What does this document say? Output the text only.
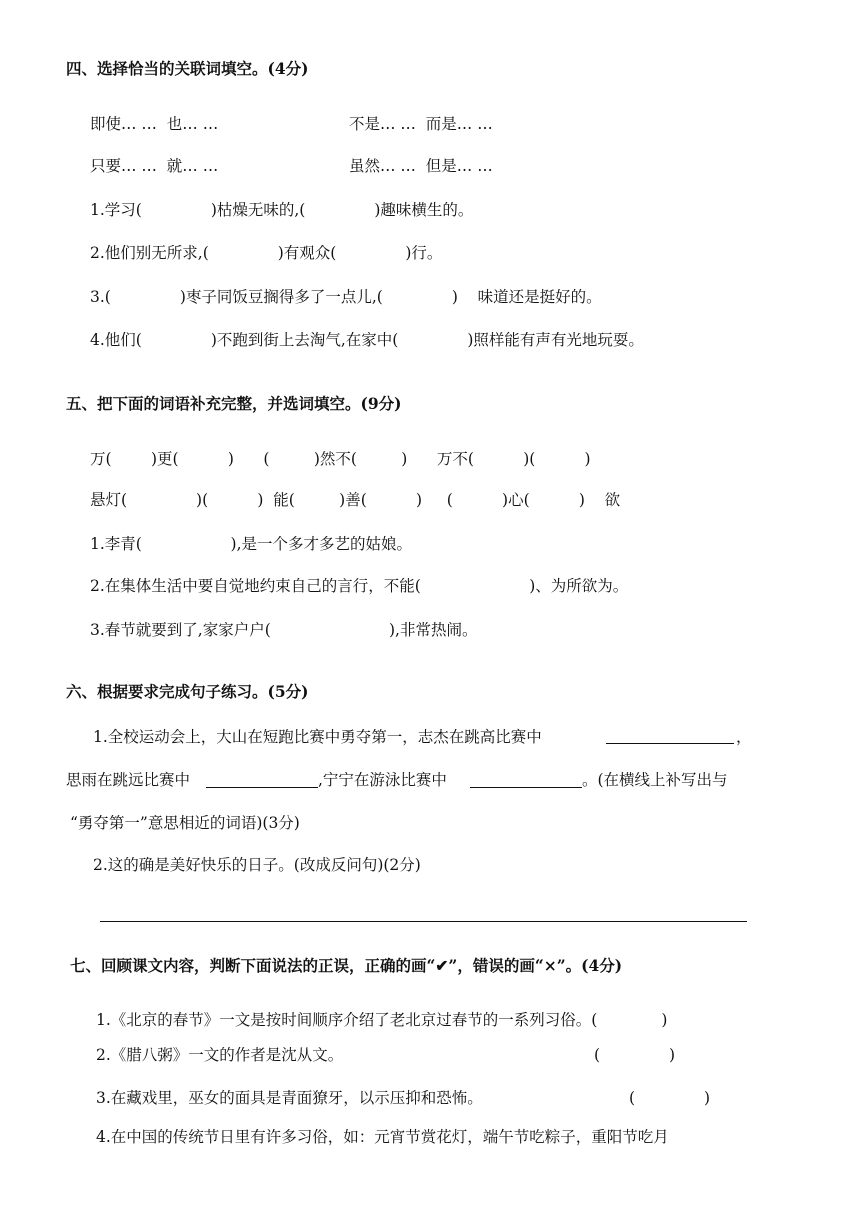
四、选择恰当的关联词填空。(4分)
即使… …  也… …	不是… …  而是… …
只要… …  就… …	虽然… …  但是… …
1.学习(              )枯燥无味的,(              )趣味横生的。
2.他们别无所求,(              )有观众(              )行。
3.(              )枣子同饭豆搁得多了一点儿,(              )    味道还是挺好的。
4.他们(              )不跑到街上去淘气,在家中(              )照样能有声有光地玩耍。
五、把下面的词语补充完整，并选词填空。(9分)
万(        )更(          )      (         )然不(         )      万不(          )(          )
悬灯(              )(          )  能(         )善(          )     (          )心(          )    欲
1.李青(                  ),是一个多才多艺的姑娘。
2.在集体生活中要自觉地约束自己的言行，不能(                      )、为所欲为。
3.春节就要到了,家家户户(                        ),非常热闹。
六、根据要求完成句子练习。(5分)
1.全校运动会上，大山在短跑比赛中勇夺第一，志杰在跳高比赛中	，
思雨在跳远比赛中	,宁宁在游泳比赛中	。(在横线上补写出与
“勇夺第一”意思相近的词语)(3分)
2.这的确是美好快乐的日子。(改成反问句)(2分)
七、回顾课文内容，判断下面说法的正误，正确的画“✔”，错误的画“×”。(4分)
1.《北京的春节》一文是按时间顺序介绍了老北京过春节的一系列习俗。(             )
2.《腊八粥》一文的作者是沈从文。	(              )
3.在藏戏里，巫女的面具是青面獠牙，以示压抑和恐怖。	(              )
4.在中国的传统节日里有许多习俗，如：元宵节赏花灯，端午节吃粽子，重阳节吃月
